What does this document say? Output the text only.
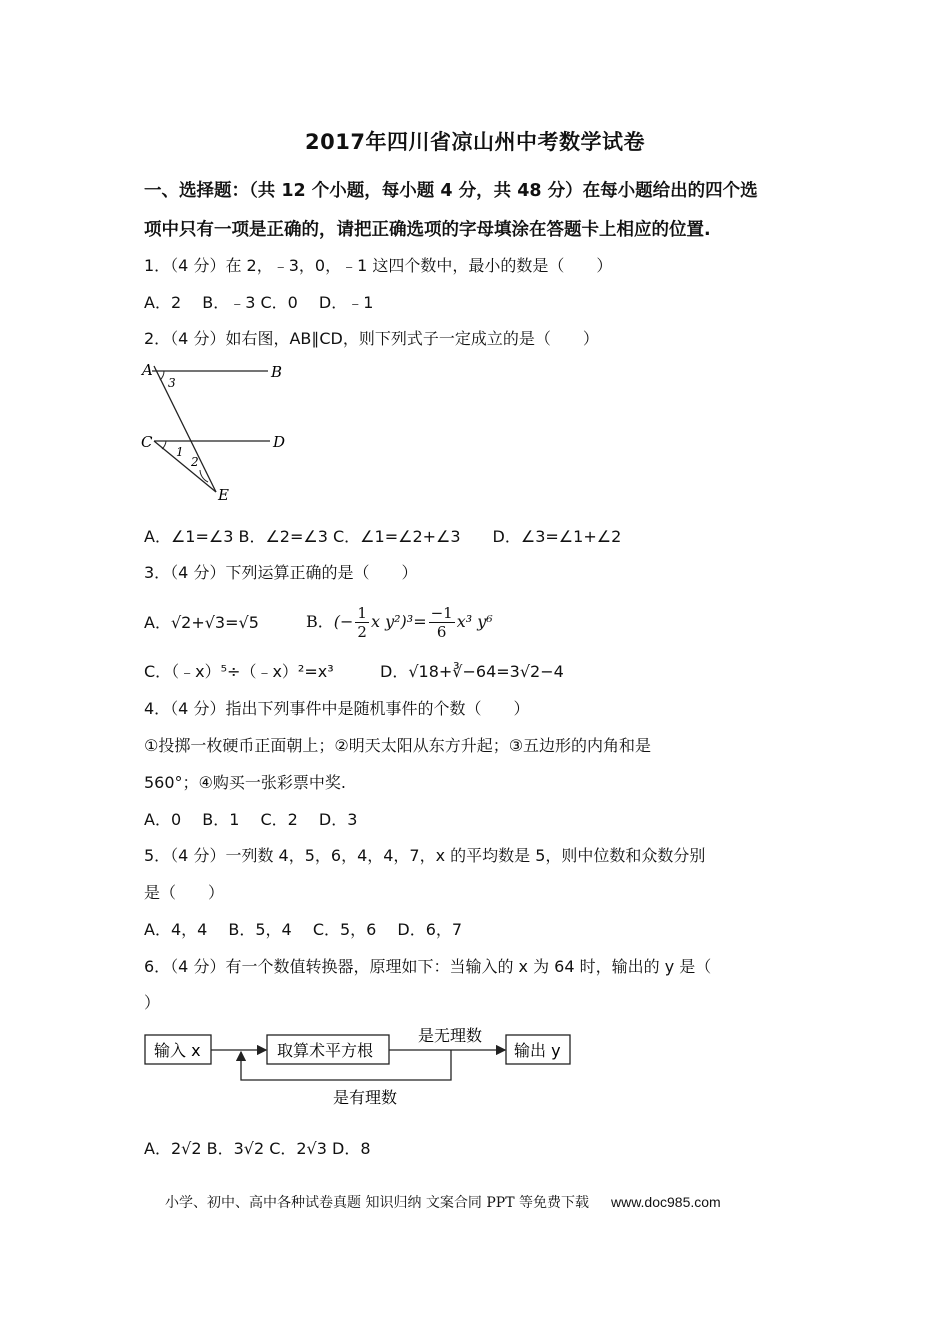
2017年四川省凉山州中考数学试卷
一、选择题：（共 12 个小题，每小题 4 分，共 48 分）在每小题给出的四个选
项中只有一项是正确的，请把正确选项的字母填涂在答题卡上相应的位置.
1．（4 分）在 2，﹣3，0，﹣1 这四个数中，最小的数是（　　）
A．2　 B．﹣3 C．0　 D．﹣1
2．（4 分）如右图，AB∥CD，则下列式子一定成立的是（　　）
A	B
C	D
E
3
1
2
A．∠1=∠3 B．∠2=∠3 C．∠1=∠2+∠3　　D．∠3=∠1+∠2
3．（4 分）下列运算正确的是（　　）
A．√2+√3=√5	B．(− $\frac{1}{2}$ x $y^2)^3= \frac{-1}{6} x^3$ y⁶
C．（﹣x）⁵÷（﹣x）²=x³	D．√18+∛−64=3√2−4
4．（4 分）指出下列事件中是随机事件的个数（　　）
①投掷一枚硬币正面朝上；②明天太阳从东方升起；③五边形的内角和是
560°；④购买一张彩票中奖.
A．0　 B．1　 C．2　 D．3
5．（4 分）一列数 4，5，6，4，4，7，x 的平均数是 5，则中位数和众数分别
是（　　）
A．4，4　 B．5，4　 C．5，6　 D．6，7
6．（4 分）有一个数值转换器，原理如下：当输入的 x 为 64 时，输出的 y 是（
）
输入 x	取算术平方根
是无理数
输出 y
是有理数
A．2√2 B．3√2 C．2√3 D．8
小学、初中、高中各种试卷真题 知识归纳 文案合同 PPT 等免费下载 www.doc985.com
